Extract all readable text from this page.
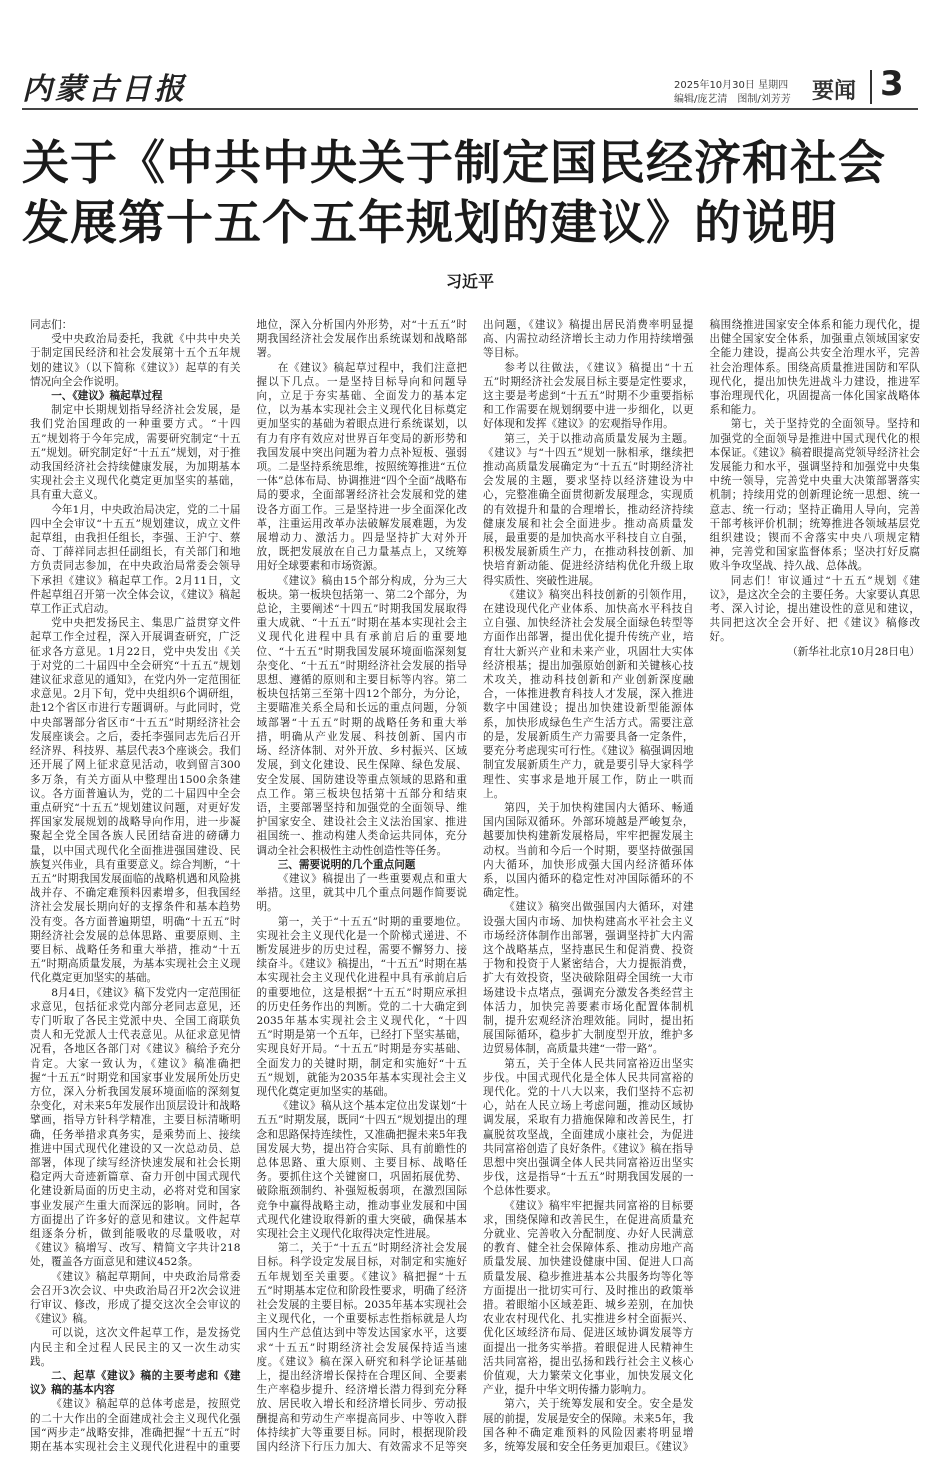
内蒙古日报	2025年10月30日 星期四
编辑/庞艺清　图制/刘芳芳 要闻 3
关于《中共中央关于制定国民经济和社会
发展第十五个五年规划的建议》的说明
习近平

同志们：

受中央政治局委托，我就《中共中央关于制定国民经济和社会发展第十五个五年规划的建议》（以下简称《建议》）起草的有关情况向全会作说明。

一、《建议》稿起草过程

制定中长期规划指导经济社会发展，是我们党治国理政的一种重要方式。“十四五”规划将于今年完成，需要研究制定“十五五”规划。研究制定好“十五五”规划，对于推动我国经济社会持续健康发展，为加期基本实现社会主义现代化奠定更加坚实的基础，具有重大意义。

今年1月，中央政治局决定，党的二十届四中全会审议“十五五”规划建议，成立文件起草组，由我担任组长，李强、王沪宁、蔡奇、丁薛祥同志担任副组长，有关部门和地方负责同志参加，在中央政治局常委会领导下承担《建议》稿起草工作。2月11日，文件起草组召开第一次全体会议，《建议》稿起草工作正式启动。

党中央把发扬民主、集思广益贯穿文件起草工作全过程，深入开展调查研究，广泛征求各方意见。1月22日，党中央发出《关于对党的二十届四中全会研究“十五五”规划建议征求意见的通知》，在党内外一定范围征求意见。2月下旬，党中央组织6个调研组，赴12个省区市进行专题调研。与此同时，党中央部署部分省区市“十五五”时期经济社会发展座谈会。之后，委托李强同志先后召开经济界、科技界、基层代表3个座谈会。我们还开展了网上征求意见活动，收到留言300多万条，有关方面从中整理出1500余条建议。各方面普遍认为，党的二十届四中全会重点研究“十五五”规划建议问题，对更好发挥国家发展规划的战略导向作用，进一步凝聚起全党全国各族人民团结奋进的磅礴力量，以中国式现代化全面推进强国建设、民族复兴伟业，具有重要意义。综合判断，“十五五”时期我国发展面临的战略机遇和风险挑战并存、不确定难预料因素增多，但我国经济社会发展长期向好的支撑条件和基本趋势没有变。各方面普遍期望，明确“十五五”时期经济社会发展的总体思路、重要原则、主要目标、战略任务和重大举措，推动“十五五”时期高质量发展，为基本实现社会主义现代化奠定更加坚实的基础。

8月4日，《建议》稿下发党内一定范围征求意见，包括征求党内部分老同志意见，还专门听取了各民主党派中央、全国工商联负责人和无党派人士代表意见。从征求意见情况看，各地区各部门对《建议》稿给予充分肯定。大家一致认为，《建议》稿准确把握“十五五”时期党和国家事业发展所处历史方位，深入分析我国发展环境面临的深刻复杂变化，对未来5年发展作出顶层设计和战略擘画，指导方针科学精准，主要目标清晰明确，任务举措求真务实，是乘势而上、接续推进中国式现代化建设的又一次总动员、总部署，体现了续写经济快速发展和社会长期稳定两大奇迹新篇章、奋力开创中国式现代化建设新局面的历史主动，必将对党和国家事业发展产生重大而深远的影响。同时，各方面提出了许多好的意见和建议。文件起草组逐条分析，做到能吸收的尽量吸收，对《建议》稿增写、改写、精简文字共计218处，覆盖各方面意见和建议452条。

《建议》稿起草期间，中央政治局常委会召开3次会议、中央政治局召开2次会议进行审议、修改，形成了提交这次全会审议的《建议》稿。

可以说，这次文件起草工作，是发扬党内民主和全过程人民民主的又一次生动实践。

二、起草《建议》稿的主要考虑和《建议》稿的基本内容

《建议》稿起草的总体考虑是，按照党的二十大作出的全面建成社会主义现代化强国“两步走”战略安排，准确把握“十五五”时期在基本实现社会主义现代化进程中的重要地位，深入分析国内外形势，对“十五五”时期我国经济社会发展作出系统谋划和战略部署。

在《建议》稿起草过程中，我们注意把握以下几点。一是坚持目标导向和问题导向，立足于夯实基础、全面发力的基本定位，以为基本实现社会主义现代化目标奠定更加坚实的基础为着眼点进行系统谋划，以有力有序有效应对世界百年变局的新形势和我国发展中突出问题为着力点补短板、强弱项。二是坚持系统思维，按照统筹推进“五位一体”总体布局、协调推进“四个全面”战略布局的要求，全面部署经济社会发展和党的建设各方面工作。三是坚持进一步全面深化改革，注重运用改革办法破解发展难题，为发展增动力、激活力。四是坚持扩大对外开放，既把发展放在自己力量基点上，又统筹用好全球要素和市场资源。

《建议》稿由15个部分构成，分为三大板块。第一板块包括第一、第二2个部分，为总论，主要阐述“十四五”时期我国发展取得重大成就、“十五五”时期在基本实现社会主义现代化进程中具有承前启后的重要地位、“十五五”时期我国发展环境面临深刻复杂变化、“十五五”时期经济社会发展的指导思想、遵循的原则和主要目标等内容。第二板块包括第三至第十四12个部分，为分论，主要瞄准关系全局和长远的重点问题，分领域部署“十五五”时期的战略任务和重大举措，明确从产业发展、科技创新、国内市场、经济体制、对外开放、乡村振兴、区域发展，到文化建设、民生保障、绿色发展、安全发展、国防建设等重点领域的思路和重点工作。第三板块包括第十五部分和结束语，主要部署坚持和加强党的全面领导、维护国家安全、建设社会主义法治国家、推进祖国统一、推动构建人类命运共同体，充分调动全社会积极性主动性创造性等任务。

三、需要说明的几个重点问题

《建议》稿提出了一些重要观点和重大举措。这里，就其中几个重点问题作简要说明。

第一，关于“十五五”时期的重要地位。实现社会主义现代化是一个阶梯式递进、不断发展进步的历史过程，需要不懈努力、接续奋斗。《建议》稿提出，“十五五”时期在基本实现社会主义现代化进程中具有承前启后的重要地位，这是根据“十五五”时期应承担的历史任务作出的判断。党的二十大确定到2035年基本实现社会主义现代化，“十四五”时期是第一个五年，已经打下坚实基础，实现良好开局。“十五五”时期是夯实基础、全面发力的关键时期，制定和实施好“十五五”规划，就能为2035年基本实现社会主义现代化奠定更加坚实的基础。

《建议》稿从这个基本定位出发谋划“十五五”时期发展，既同“十四五”规划提出的理念和思路保持连续性，又准确把握未来5年我国发展大势，提出符合实际、具有前瞻性的总体思路、重大原则、主要目标、战略任务。要抓住这个关键窗口，巩固拓展优势、破除瓶颈制约、补强短板弱项，在激烈国际竞争中赢得战略主动，推动事业发展和中国式现代化建设取得新的重大突破，确保基本实现社会主义现代化取得决定性进展。

第二，关于“十五五”时期经济社会发展目标。科学设定发展目标，对制定和实施好五年规划至关重要。《建议》稿把握“十五五”时期基本定位和阶段性要求，明确了经济社会发展的主要目标。2035年基本实现社会主义现代化，一个重要标志性指标就是人均国内生产总值达到中等发达国家水平，这要求“十五五”时期经济社会发展保持适当速度。《建议》稿在深入研究和科学论证基础上，提出经济增长保持在合理区间、全要素生产率稳步提升、经济增长潜力得到充分释放、居民收入增长和经济增长同步、劳动报酬提高和劳动生产率提高同步、中等收入群体持续扩大等重要目标。同时，根据现阶段国内经济下行压力加大、有效需求不足等突出问题，《建议》稿提出居民消费率明显提高、内需拉动经济增长主动力作用持续增强等目标。

参考以往做法，《建议》稿提出“十五五”时期经济社会发展目标主要是定性要求，这主要是考虑到“十五五”时期不少重要指标和工作需要在规划纲要中进一步细化，以更好体现和发挥《建议》的宏观指导作用。

第三，关于以推动高质量发展为主题。《建议》与“十四五”规划一脉相承，继续把推动高质量发展确定为“十五五”时期经济社会发展的主题，要求坚持以经济建设为中心，完整准确全面贯彻新发展理念，实现质的有效提升和量的合理增长，推动经济持续健康发展和社会全面进步。推动高质量发展，最重要的是加快高水平科技自立自强，积极发展新质生产力，在推动科技创新、加快培育新动能、促进经济结构优化升级上取得实质性、突破性进展。

《建议》稿突出科技创新的引领作用，在建设现代化产业体系、加快高水平科技自立自强、加快经济社会发展全面绿色转型等方面作出部署，提出优化提升传统产业，培育壮大新兴产业和未来产业，巩固壮大实体经济根基；提出加强原始创新和关键核心技术攻关，推动科技创新和产业创新深度融合，一体推进教育科技人才发展，深入推进数字中国建设；提出加快建设新型能源体系，加快形成绿色生产生活方式。需要注意的是，发展新质生产力需要具备一定条件，要充分考虑现实可行性。《建议》稿强调因地制宜发展新质生产力，就是要引导大家科学理性、实事求是地开展工作，防止一哄而上。

第四，关于加快构建国内大循环、畅通国内国际双循环。外部环境越是严峻复杂，越要加快构建新发展格局，牢牢把握发展主动权。当前和今后一个时期，要坚持做强国内大循环，加快形成强大国内经济循环体系，以国内循环的稳定性对冲国际循环的不确定性。

《建议》稿突出做强国内大循环，对建设强大国内市场、加快构建高水平社会主义市场经济体制作出部署，强调坚持扩大内需这个战略基点，坚持惠民生和促消费、投资于物和投资于人紧密结合，大力提振消费，扩大有效投资，坚决破除阻碍全国统一大市场建设卡点堵点，强调充分激发各类经营主体活力，加快完善要素市场化配置体制机制，提升宏观经济治理效能。同时，提出拓展国际循环，稳步扩大制度型开放，维护多边贸易体制，高质量共建“一带一路”。

第五，关于全体人民共同富裕迈出坚实步伐。中国式现代化是全体人民共同富裕的现代化。党的十八大以来，我们坚持不忘初心，站在人民立场上考虑问题，推动区域协调发展，采取有力措施保障和改善民生，打赢脱贫攻坚战，全面建成小康社会，为促进共同富裕创造了良好条件。《建议》稿在指导思想中突出强调全体人民共同富裕迈出坚实步伐，这是指导“十五五”时期我国发展的一个总体性要求。

《建议》稿牢牢把握共同富裕的目标要求，围绕保障和改善民生，在促进高质量充分就业、完善收入分配制度、办好人民满意的教育、健全社会保障体系、推动房地产高质量发展、加快建设健康中国、促进人口高质量发展、稳步推进基本公共服务均等化等方面提出一批切实可行、及时推出的政策举措。着眼缩小区域差距、城乡差别，在加快农业农村现代化、扎实推进乡村全面振兴、优化区域经济布局、促进区域协调发展等方面提出一批务实举措。着眼促进人民精神生活共同富裕，提出弘扬和践行社会主义核心价值观，大力繁荣文化事业，加快发展文化产业，提升中华文明传播力影响力。

第六，关于统筹发展和安全。安全是发展的前提，发展是安全的保障。未来5年，我国各种不确定难预料的风险因素将明显增多，统筹发展和安全任务更加艰巨。《建议》稿围绕推进国家安全体系和能力现代化，提出健全国家安全体系，加强重点领域国家安全能力建设，提高公共安全治理水平，完善社会治理体系。围绕高质量推进国防和军队现代化，提出加快先进战斗力建设，推进军事治理现代化，巩固提高一体化国家战略体系和能力。

第七，关于坚持党的全面领导。坚持和加强党的全面领导是推进中国式现代化的根本保证。《建议》稿着眼提高党领导经济社会发展能力和水平，强调坚持和加强党中央集中统一领导，完善党中央重大决策部署落实机制；持续用党的创新理论统一思想、统一意志、统一行动；坚持正确用人导向，完善干部考核评价机制；统筹推进各领域基层党组织建设；锲而不舍落实中央八项规定精神，完善党和国家监督体系；坚决打好反腐败斗争攻坚战、持久战、总体战。

同志们！审议通过“十五五”规划《建议》，是这次全会的主要任务。大家要认真思考、深入讨论，提出建设性的意见和建议，共同把这次全会开好、把《建议》稿修改好。

（新华社北京10月28日电）
